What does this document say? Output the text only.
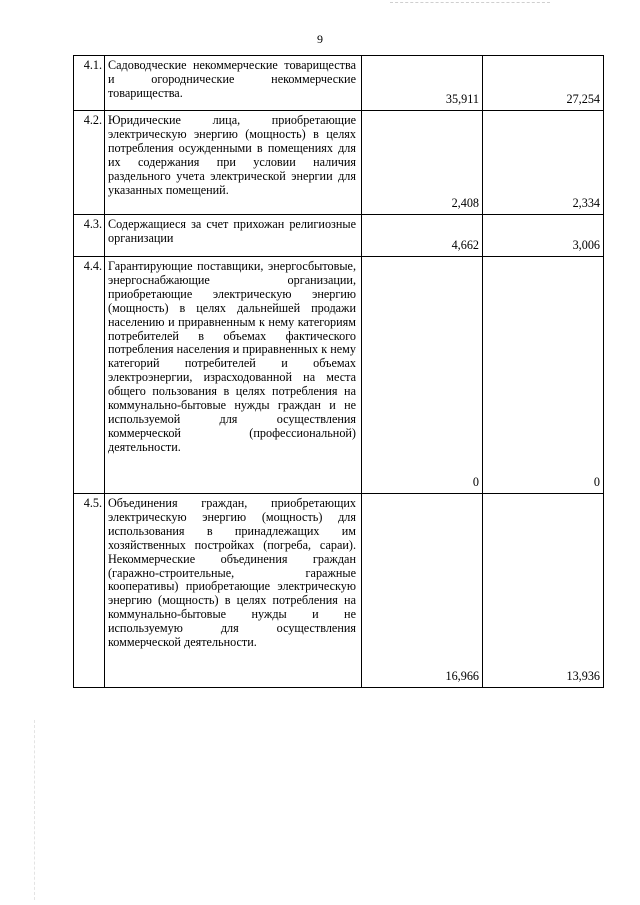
9
4.1.	Садоводческие некоммерческие товарищества и огороднические некоммерческие товарищества.	35,911	27,254
4.2.	Юридические лица, приобретающие электрическую энергию (мощность) в целях потребления осужденными в помещениях для их содержания при условии наличия раздельного учета электрической энергии для указанных помещений.	2,408	2,334
4.3.	Содержащиеся за счет прихожан религиозные организации	4,662	3,006
4.4.	Гарантирующие поставщики, энергосбытовые, энергоснабжающие организации, приобретающие электрическую энергию (мощность) в целях дальнейшей продажи населению и приравненным к нему категориям потребителей в объемах фактического потребления населения и приравненных к нему категорий потребителей и объемах электроэнергии, израсходованной на места общего пользования в целях потребления на коммунально-бытовые нужды граждан и не используемой для осуществления коммерческой (профессиональной) деятельности.	0	0
4.5.	Объединения граждан, приобретающих электрическую энергию (мощность) для использования в принадлежащих им хозяйственных постройках (погреба, сараи). Некоммерческие объединения граждан (гаражно-строительные, гаражные кооперативы) приобретающие электрическую энергию (мощность) в целях потребления на коммунально-бытовые нужды и не используемую для осуществления коммерческой деятельности.	16,966	13,936
